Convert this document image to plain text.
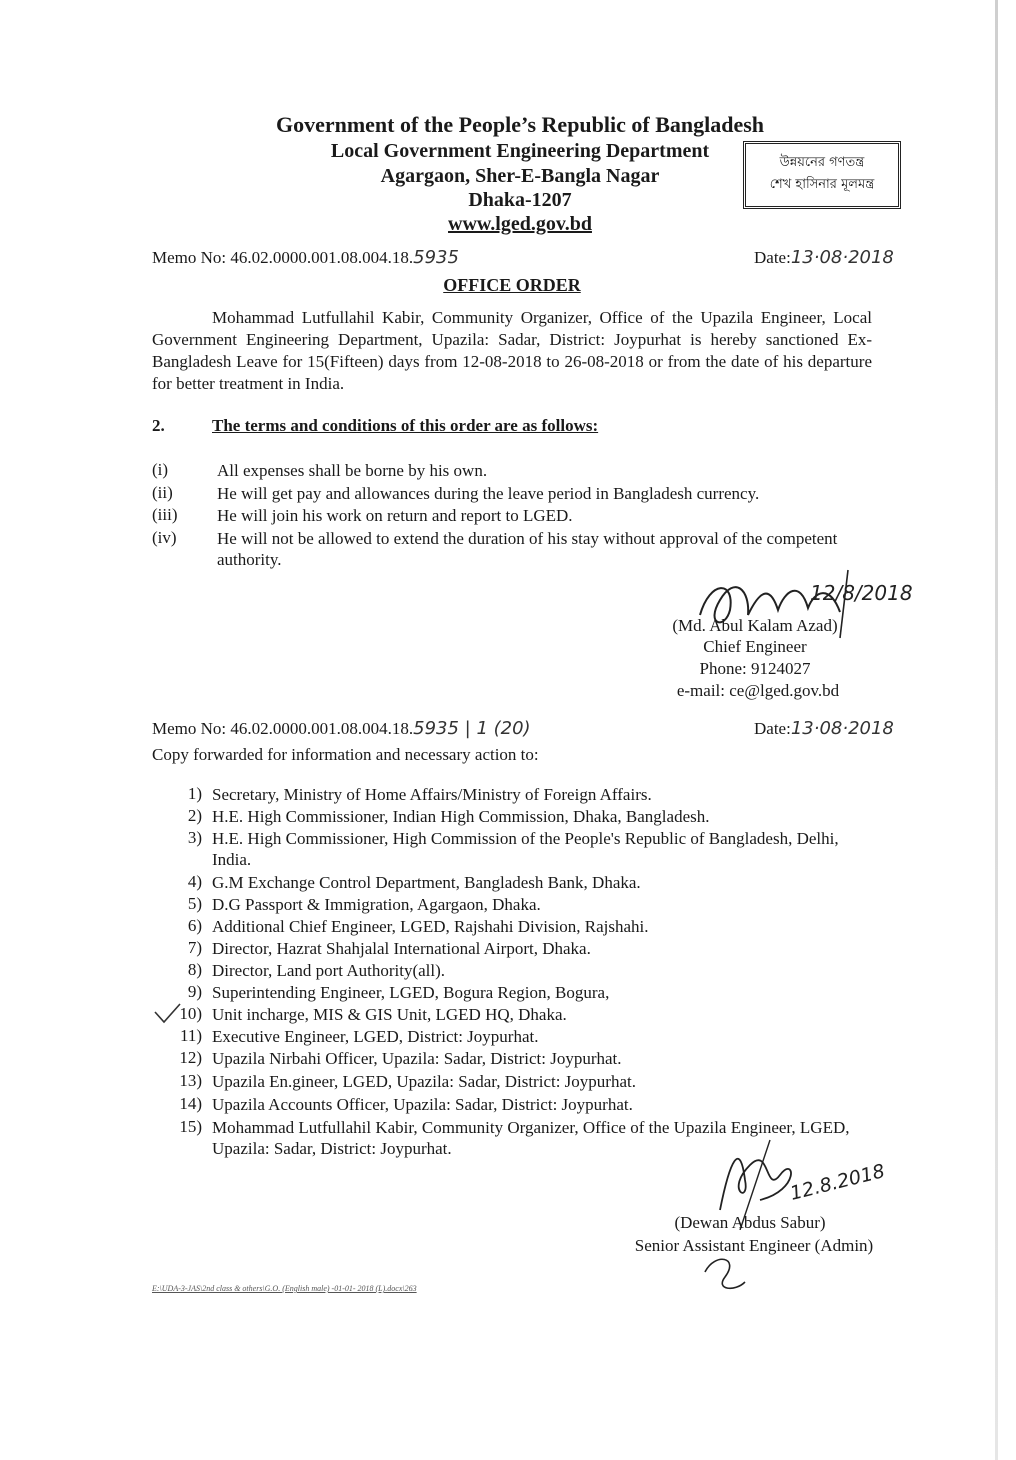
Government of the People’s Republic of Bangladesh
Local Government Engineering Department
Agargaon, Sher-E-Bangla Nagar
Dhaka-1207
www.lged.gov.bd
উন্নয়নের গণতন্ত্র
শেখ হাসিনার মূলমন্ত্র
Memo No: 46.02.0000.001.08.004.18.5935	Date:13·08·2018
OFFICE ORDER
Mohammad Lutfullahil Kabir, Community Organizer, Office of the Upazila Engineer, Local Government Engineering Department, Upazila: Sadar, District: Joypurhat is hereby sanctioned Ex-Bangladesh Leave for 15(Fifteen) days from 12-08-2018 to 26-08-2018 or from the date of his departure for better treatment in India.
2.	The terms and conditions of this order are as follows:
(i)	All expenses shall be borne by his own.
(ii)	He will get pay and allowances during the leave period in Bangladesh currency.
(iii) He will join his work on return and report to LGED.
(iv) He will not be allowed to extend the duration of his stay without approval of the competent authority.
12/8/2018
(Md. Abul Kalam Azad)
Chief Engineer
Phone: 9124027
e-mail: ce@lged.gov.bd
Memo No: 46.02.0000.001.08.004.18.5935 | 1 (20)	Date:13·08·2018
Copy forwarded for information and necessary action to:
1) Secretary, Ministry of Home Affairs/Ministry of Foreign Affairs.
2) H.E. High Commissioner, Indian High Commission, Dhaka, Bangladesh.
3) H.E. High Commissioner, High Commission of the People's Republic of Bangladesh, Delhi, India.
4) G.M Exchange Control Department, Bangladesh Bank, Dhaka.
5) D.G Passport & Immigration, Agargaon, Dhaka.
6) Additional Chief Engineer, LGED, Rajshahi Division, Rajshahi.
7) Director, Hazrat Shahjalal International Airport, Dhaka.
8) Director, Land port Authority(all).
9) Superintending Engineer, LGED, Bogura Region, Bogura,
10) Unit incharge, MIS & GIS Unit, LGED HQ, Dhaka.
11) Executive Engineer, LGED, District: Joypurhat.
12) Upazila Nirbahi Officer, Upazila: Sadar, District: Joypurhat.
13) Upazila En.gineer, LGED, Upazila: Sadar, District: Joypurhat.
14) Upazila Accounts Officer, Upazila: Sadar, District: Joypurhat.
15) Mohammad Lutfullahil Kabir, Community Organizer, Office of the Upazila Engineer, LGED, Upazila: Sadar, District: Joypurhat.
12.8.2018
(Dewan Abdus Sabur)
Senior Assistant Engineer (Admin)
E:\UDA-3-JAS\2nd class & others\G.O. (English male) -01-01- 2018 (L).docx\263
